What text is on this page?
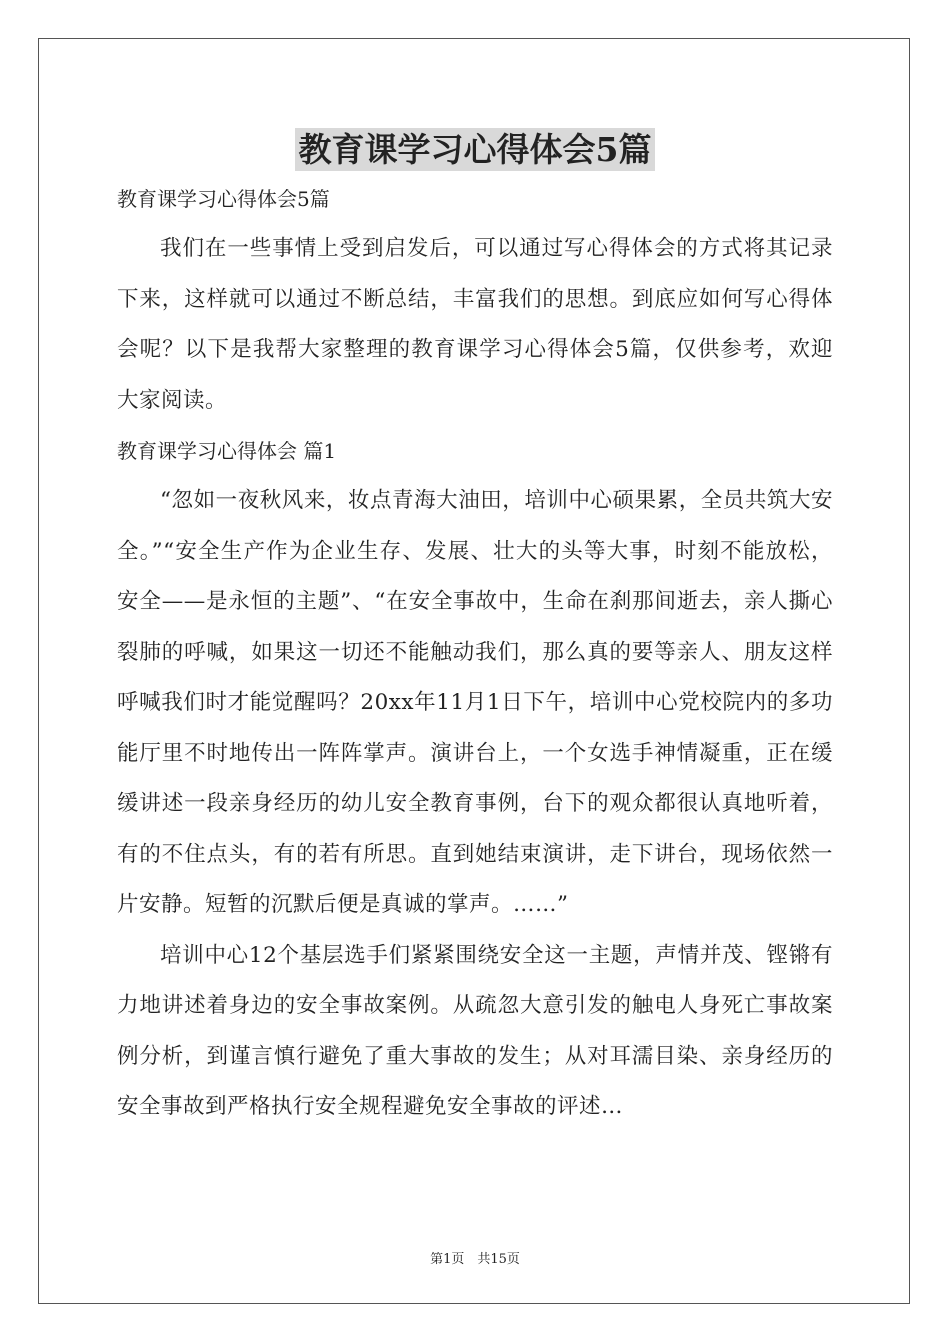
教育课学习心得体会5篇

教育课学习心得体会5篇

我们在一些事情上受到启发后，可以通过写心得体会的方式将其记录下来，这样就可以通过不断总结，丰富我们的思想。到底应如何写心得体会呢？以下是我帮大家整理的教育课学习心得体会5篇，仅供参考，欢迎大家阅读。

教育课学习心得体会 篇1

“忽如一夜秋风来，妆点青海大油田，培训中心硕果累，全员共筑大安全。”“安全生产作为企业生存、发展、壮大的头等大事，时刻不能放松，安全——是永恒的主题”、“在安全事故中，生命在刹那间逝去，亲人撕心裂肺的呼喊，如果这一切还不能触动我们，那么真的要等亲人、朋友这样呼喊我们时才能觉醒吗？20xx年11月1日下午，培训中心党校院内的多功能厅里不时地传出一阵阵掌声。演讲台上，一个女选手神情凝重，正在缓缓讲述一段亲身经历的幼儿安全教育事例，台下的观众都很认真地听着，有的不住点头，有的若有所思。直到她结束演讲，走下讲台，现场依然一片安静。短暂的沉默后便是真诚的掌声。……”

培训中心12个基层选手们紧紧围绕安全这一主题，声情并茂、铿锵有力地讲述着身边的安全事故案例。从疏忽大意引发的触电人身死亡事故案例分析，到谨言慎行避免了重大事故的发生；从对耳濡目染、亲身经历的安全事故到严格执行安全规程避免安全事故的评述…

第1页　共15页
